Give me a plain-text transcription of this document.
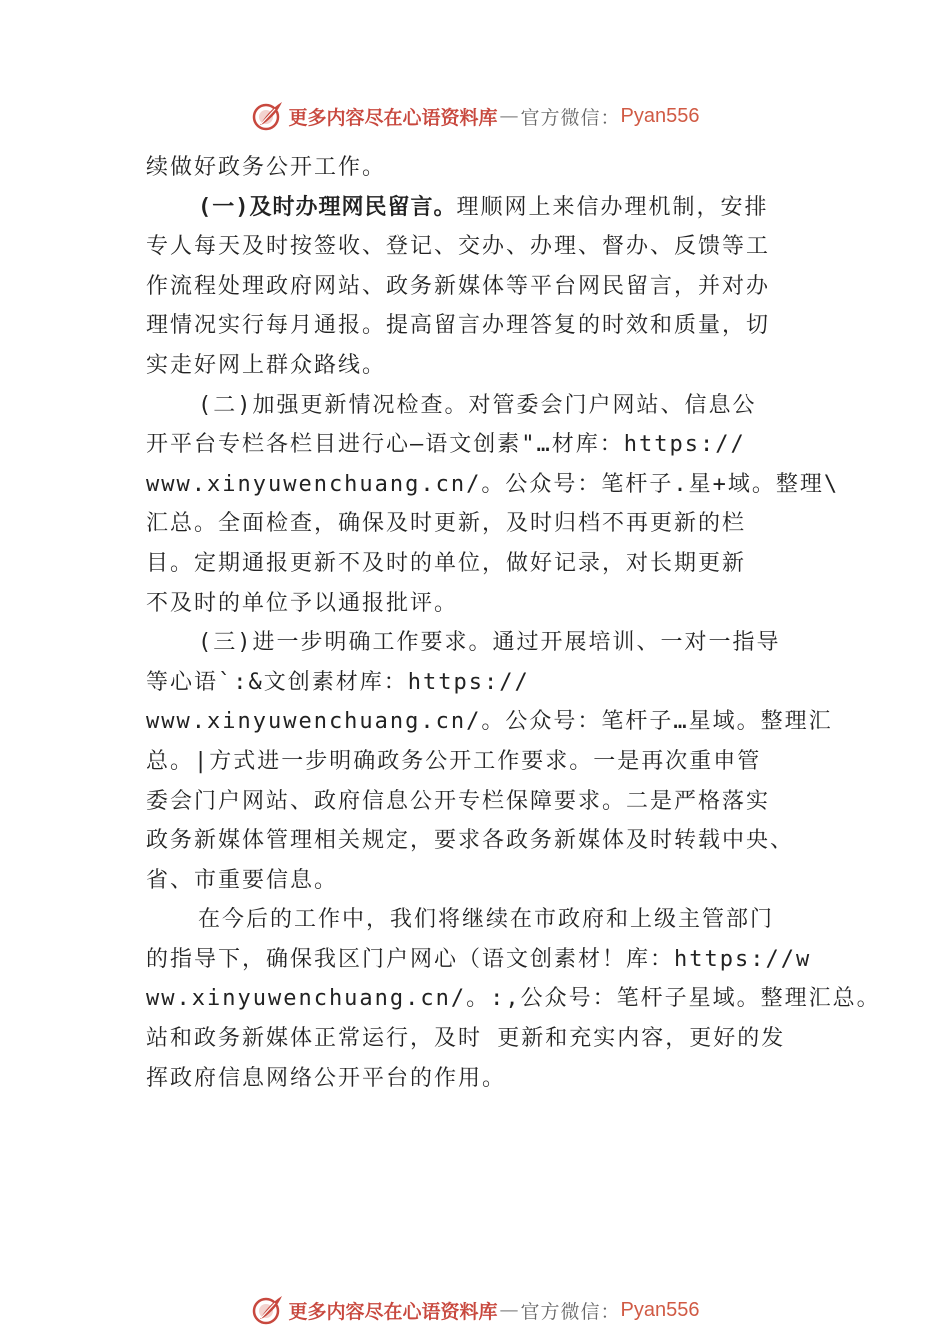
更多内容尽在心语资料库 — 官方微信： Pyan556
续做好政务公开工作。
(一)及时办理网民留言。理顺网上来信办理机制，安排
专人每天及时按签收、登记、交办、办理、督办、反馈等工
作流程处理政府网站、政务新媒体等平台网民留言，并对办
理情况实行每月通报。提高留言办理答复的时效和质量，切
实走好网上群众路线。
(二)加强更新情况检查。对管委会门户网站、信息公
开平台专栏各栏目进行心—语文创素"…材库：https://
www.xinyuwenchuang.cn/。公众号：笔杆子.星+域。整理\
汇总。全面检查，确保及时更新，及时归档不再更新的栏
目。定期通报更新不及时的单位，做好记录，对长期更新
不及时的单位予以通报批评。
(三)进一步明确工作要求。通过开展培训、一对一指导
等心语`:&文创素材库：https://
www.xinyuwenchuang.cn/。公众号：笔杆子…星域。整理汇
总。|方式进一步明确政务公开工作要求。一是再次重申管
委会门户网站、政府信息公开专栏保障要求。二是严格落实
政务新媒体管理相关规定，要求各政务新媒体及时转载中央、
省、市重要信息。
在今后的工作中，我们将继续在市政府和上级主管部门
的指导下，确保我区门户网心（语文创素材！库：https://w
ww.xinyuwenchuang.cn/。:,公众号：笔杆子星域。整理汇总。
站和政务新媒体正常运行，及时 更新和充实内容，更好的发
挥政府信息网络公开平台的作用。
更多内容尽在心语资料库 — 官方微信： Pyan556
